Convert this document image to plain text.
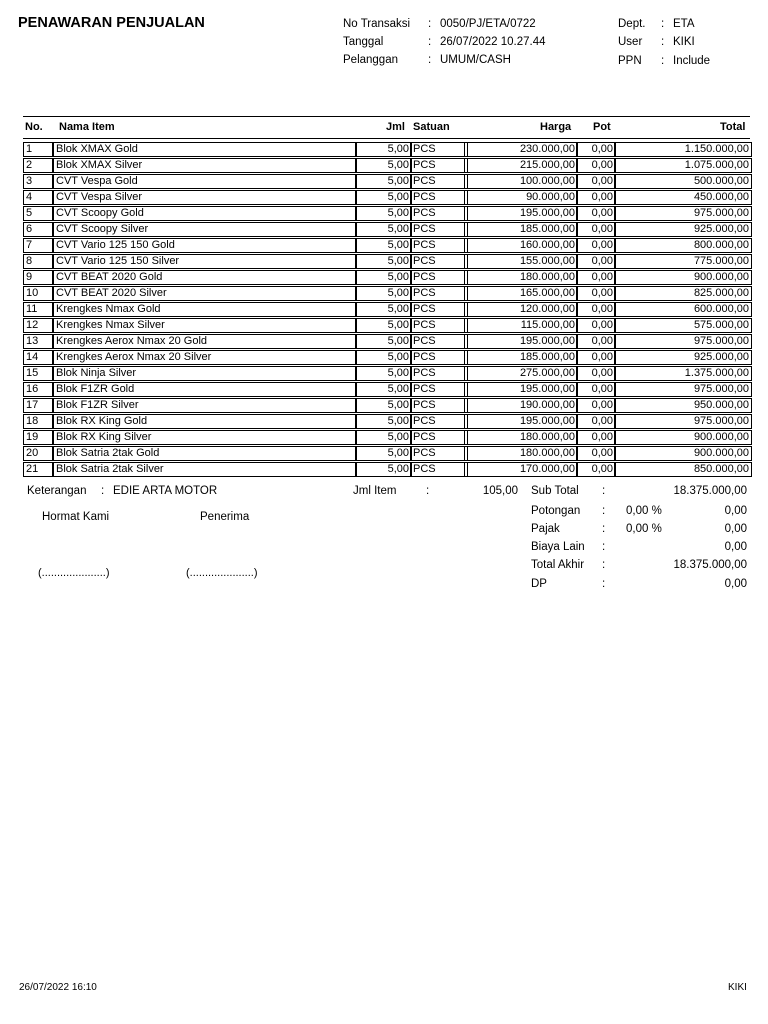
PENAWARAN PENJUALAN	No Transaksi : 0050/PJ/ETA/0722
Tanggal	: 26/07/2022 10.27.44
Pelanggan	: UMUM/CASH
Dept. : ETA
User : KIKI
PPN : Include
No. Nama Item	Jml Satuan	Harga Pot	Total
1	Blok XMAX Gold	5,00 PCS	230.000,00	0,00	1.150.000,00
2	Blok XMAX Silver	5,00 PCS	215.000,00	0,00	1.075.000,00
3	CVT Vespa Gold	5,00 PCS	100.000,00	0,00	500.000,00
4	CVT Vespa Silver	5,00 PCS	90.000,00	0,00	450.000,00
5	CVT Scoopy Gold	5,00 PCS	195.000,00	0,00	975.000,00
6	CVT Scoopy Silver	5,00 PCS	185.000,00	0,00	925.000,00
7	CVT Vario 125 150 Gold	5,00 PCS	160.000,00	0,00	800.000,00
8	CVT Vario 125 150 Silver	5,00 PCS	155.000,00	0,00	775.000,00
9	CVT BEAT 2020 Gold	5,00 PCS	180.000,00	0,00	900.000,00
10	CVT BEAT 2020 Silver	5,00 PCS	165.000,00	0,00	825.000,00
11	Krengkes Nmax Gold	5,00 PCS	120.000,00	0,00	600.000,00
12	Krengkes Nmax Silver	5,00 PCS	115.000,00	0,00	575.000,00
13	Krengkes Aerox Nmax 20 Gold	5,00 PCS	195.000,00	0,00	975.000,00
14	Krengkes Aerox Nmax 20 Silver	5,00 PCS	185.000,00	0,00	925.000,00
15	Blok Ninja Silver	5,00 PCS	275.000,00	0,00	1.375.000,00
16	Blok F1ZR Gold	5,00 PCS	195.000,00	0,00	975.000,00
17	Blok F1ZR Silver	5,00 PCS	190.000,00	0,00	950.000,00
18	Blok RX King Gold	5,00 PCS	195.000,00	0,00	975.000,00
19	Blok RX King Silver	5,00 PCS	180.000,00	0,00	900.000,00
20	Blok Satria 2tak Gold	5,00 PCS	180.000,00	0,00	900.000,00
21	Blok Satria 2tak Silver	5,00 PCS	170.000,00	0,00	850.000,00
Keterangan : EDIE ARTA MOTOR	Jml Item	:	105,00 Sub Total :	18.375.000,00
Potongan : 0,00 %	0,00
Pajak	: 0,00 %	0,00
Biaya Lain :	0,00
Total Akhir :	18.375.000,00
DP	:	0,00
Hormat Kami	Penerima
(.....................)	(.....................)
26/07/2022 16:10	KIKI
